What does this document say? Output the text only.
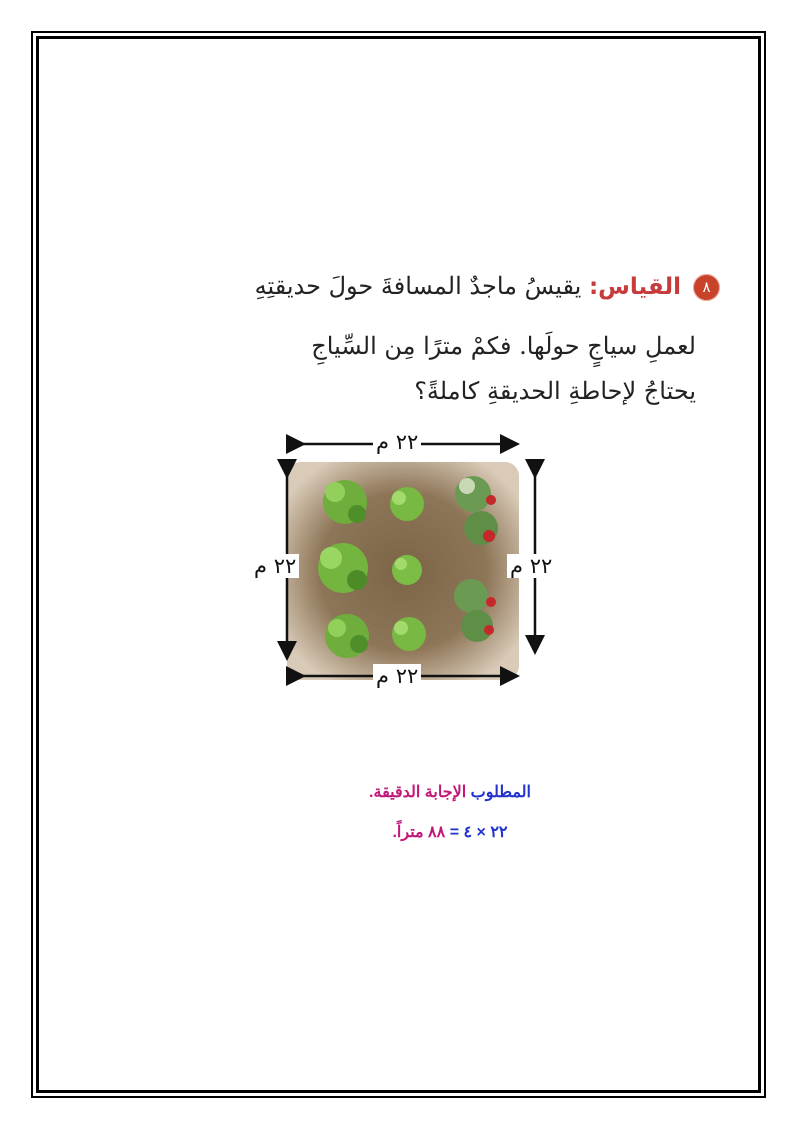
٨القياس: يقيسُ ماجدٌ المسافةَ حولَ حديقتِهِ
لعملِ سياجٍ حولَها. فكمْ مترًا مِن السِّياجِ
يحتاجُ لإحاطةِ الحديقةِ كاملةً؟
٢٢ م
٢٢ م
٢٢ م	٢٢ م
المطلوب الإجابة الدقيقة.
٢٢ × ٤ = ٨٨ متراً.
